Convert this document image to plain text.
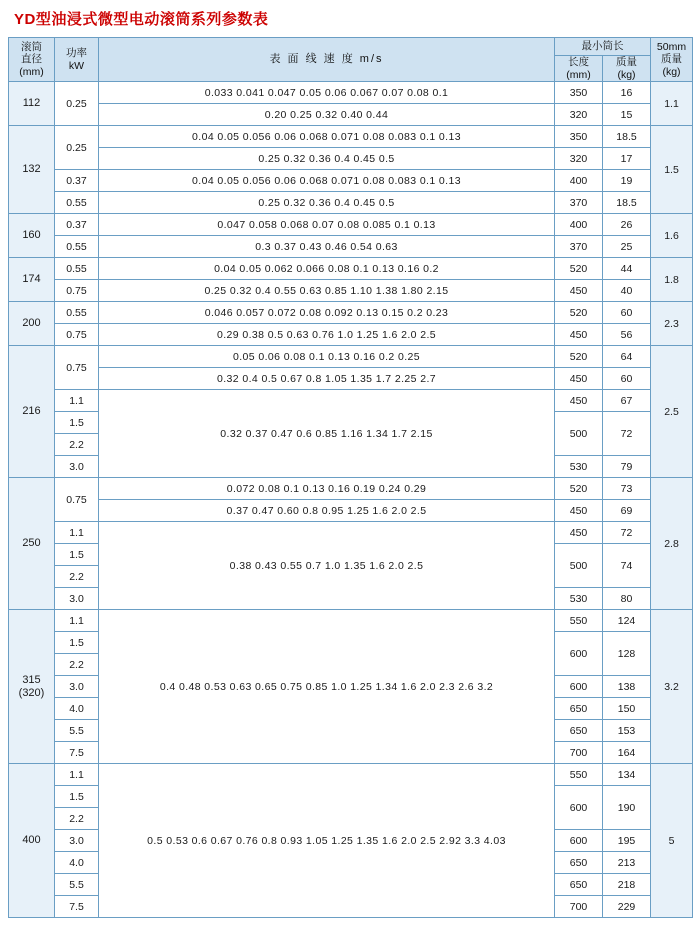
YD型油浸式微型电动滚筒系列参数表
滚筒
直径
(mm)	功率
kW	表 面 线 速 度 m/s	最小筒长		50mm
质量
(kg)

			长度
(mm)	质量
(kg)	

112	0.25	0.033 0.041 0.047 0.05 0.06 0.067 0.07 0.08 0.1	350	16	1.1
		0.20 0.25 0.32 0.40 0.44	320	15	
132	0.25	0.04 0.05 0.056 0.06 0.068 0.071 0.08 0.083 0.1 0.13	350	18.5	1.5
		0.25 0.32 0.36 0.4 0.45 0.5	320	17	
	0.37	0.04 0.05 0.056 0.06 0.068 0.071 0.08 0.083 0.1 0.13	400	19	
	0.55	0.25 0.32 0.36 0.4 0.45 0.5	370	18.5	
160	0.37	0.047 0.058 0.068 0.07 0.08 0.085 0.1 0.13	400	26	1.6
	0.55	0.3 0.37 0.43 0.46 0.54 0.63	370	25	
174	0.55	0.04 0.05 0.062 0.066 0.08 0.1 0.13 0.16 0.2	520	44	1.8
	0.75	0.25 0.32 0.4 0.55 0.63 0.85 1.10 1.38 1.80 2.15	450	40	
200	0.55	0.046 0.057 0.072 0.08 0.092 0.13 0.15 0.2 0.23	520	60	2.3
	0.75	0.29 0.38 0.5 0.63 0.76 1.0 1.25 1.6 2.0 2.5	450	56	
216	0.75	0.05 0.06 0.08 0.1 0.13 0.16 0.2 0.25	520	64	2.5
		0.32 0.4 0.5 0.67 0.8 1.05 1.35 1.7 2.25 2.7	450	60	
	1.1	0.32 0.37 0.47 0.6 0.85 1.16 1.34 1.7 2.15	450	67	
	1.5		500	72	
	2.2				
	3.0		530	79	
250	0.75	0.072 0.08 0.1 0.13 0.16 0.19 0.24 0.29	520	73	2.8
		0.37 0.47 0.60 0.8 0.95 1.25 1.6 2.0 2.5	450	69	
	1.1	0.38 0.43 0.55 0.7 1.0 1.35 1.6 2.0 2.5	450	72	
	1.5		500	74	
	2.2				
	3.0		530	80	

315
(320)	1.1	0.4 0.48 0.53 0.63 0.65 0.75 0.85 1.0 1.25 1.34 1.6 2.0 2.3 2.6 3.2	550	124	3.2
	1.5		600	128	
	2.2				
	3.0		600	138	
	4.0		650	150	
	5.5		650	153	
	7.5		700	164	
400	1.1	0.5 0.53 0.6 0.67 0.76 0.8 0.93 1.05 1.25 1.35 1.6 2.0 2.5 2.92 3.3 4.03	550	134	5
	1.5		600	190	
	2.2				
	3.0		600	195	
	4.0		650	213	
	5.5		650	218	
	7.5		700	229	
